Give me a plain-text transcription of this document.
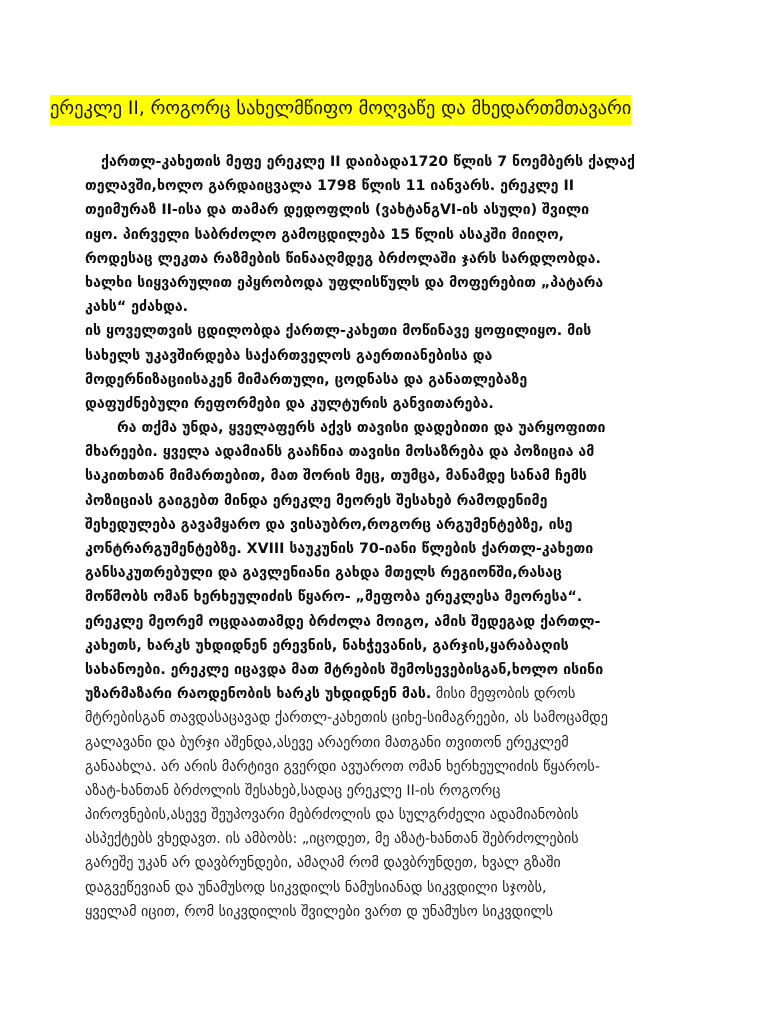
ერეკლე II, როგორც სახელმწიფო მოღვაწე და მხედართმთავარი
ქართლ-კახეთის მეფე ერეკლე II დაიბადა1720 წლის 7 ნოემბერს ქალაქ
თელავში,ხოლო გარდაიცვალა 1798 წლის 11 იანვარს. ერეკლე II
თეიმურაზ II-ისა და თამარ დედოფლის (ვახტანგVI-ის ასული) შვილი
იყო. პირველი საბრძოლო გამოცდილება 15 წლის ასაკში მიიღო,
როდესაც ლეკთა რაზმების წინააღმდეგ ბრძოლაში ჯარს სარდლობდა.
ხალხი სიყვარულით ეპყრობოდა უფლისწულს და მოფერებით „პატარა
კახს“ ეძახდა.
ის ყოველთვის ცდილობდა ქართლ-კახეთი მოწინავე ყოფილიყო. მის
სახელს უკავშირდება საქართველოს გაერთიანებისა და
მოდერნიზაციისაკენ მიმართული, ცოდნასა და განათლებაზე
დაფუძნებული რეფორმები და კულტურის განვითარება.
რა თქმა უნდა, ყველაფერს აქვს თავისი დადებითი და უარყოფითი
მხარეები. ყველა ადამიანს გააჩნია თავისი მოსაზრება და პოზიცია ამ
საკითხთან მიმართებით, მათ შორის მეც, თუმცა, მანამდე სანამ ჩემს
პოზიციას გაიგებთ მინდა ერეკლე მეორეს შესახებ რამოდენიმე
შეხედულება გავამყარო და ვისაუბრო,როგორც არგუმენტებზე, ისე
კონტრარგუმენტებზე. XVIII საუკუნის 70-იანი წლების ქართლ-კახეთი
განსაკუთრებული და გავლენიანი გახდა მთელს რეგიონში,რასაც
მოწმობს ომან ხერხეულიძის წყარო- „მეფობა ერეკლესა მეორესა“.
ერეკლე მეორემ ოცდაათამდე ბრძოლა მოიგო, ამის შედეგად ქართლ-
კახეთს, ხარკს უხდიდნენ ერევნის, ნახჭევანის, გარჯის,ყარაბაღის
სახანოები. ერეკლე იცავდა მათ მტრების შემოსევებისგან,ხოლო ისინი
უზარმაზარი რაოდენობის ხარკს უხდიდნენ მას. მისი მეფობის დროს
მტრებისგან თავდასაცავად ქართლ-კახეთის ციხე-სიმაგრეები, ას სამოცამდე
გალავანი და ბურჯი აშენდა,ასევე არაერთი მათგანი თვითონ ერეკლემ
განაახლა. არ არის მარტივი გვერდი ავუაროთ ომან ხერხეულიძის წყაროს-
აზატ-ხანთან ბრძოლის შესახებ,სადაც ერეკლე II-ის როგორც
პიროვნების,ასევე შეუპოვარი მებრძოლის და სულგრძელი ადამიანობის
ასპექტებს ვხედავთ. ის ამბობს: „იცოდეთ, მე აზატ-ხანთან შებრძოლების
გარეშე უკან არ დავბრუნდები, ამაღამ რომ დავბრუნდეთ, ხვალ გზაში
დაგვეწევიან და უნამუსოდ სიკვდილს ნამუსიანად სიკვდილი სჯობს,
ყველამ იცით, რომ სიკვდილის შვილები ვართ დ უნამუსო სიკვდილს
